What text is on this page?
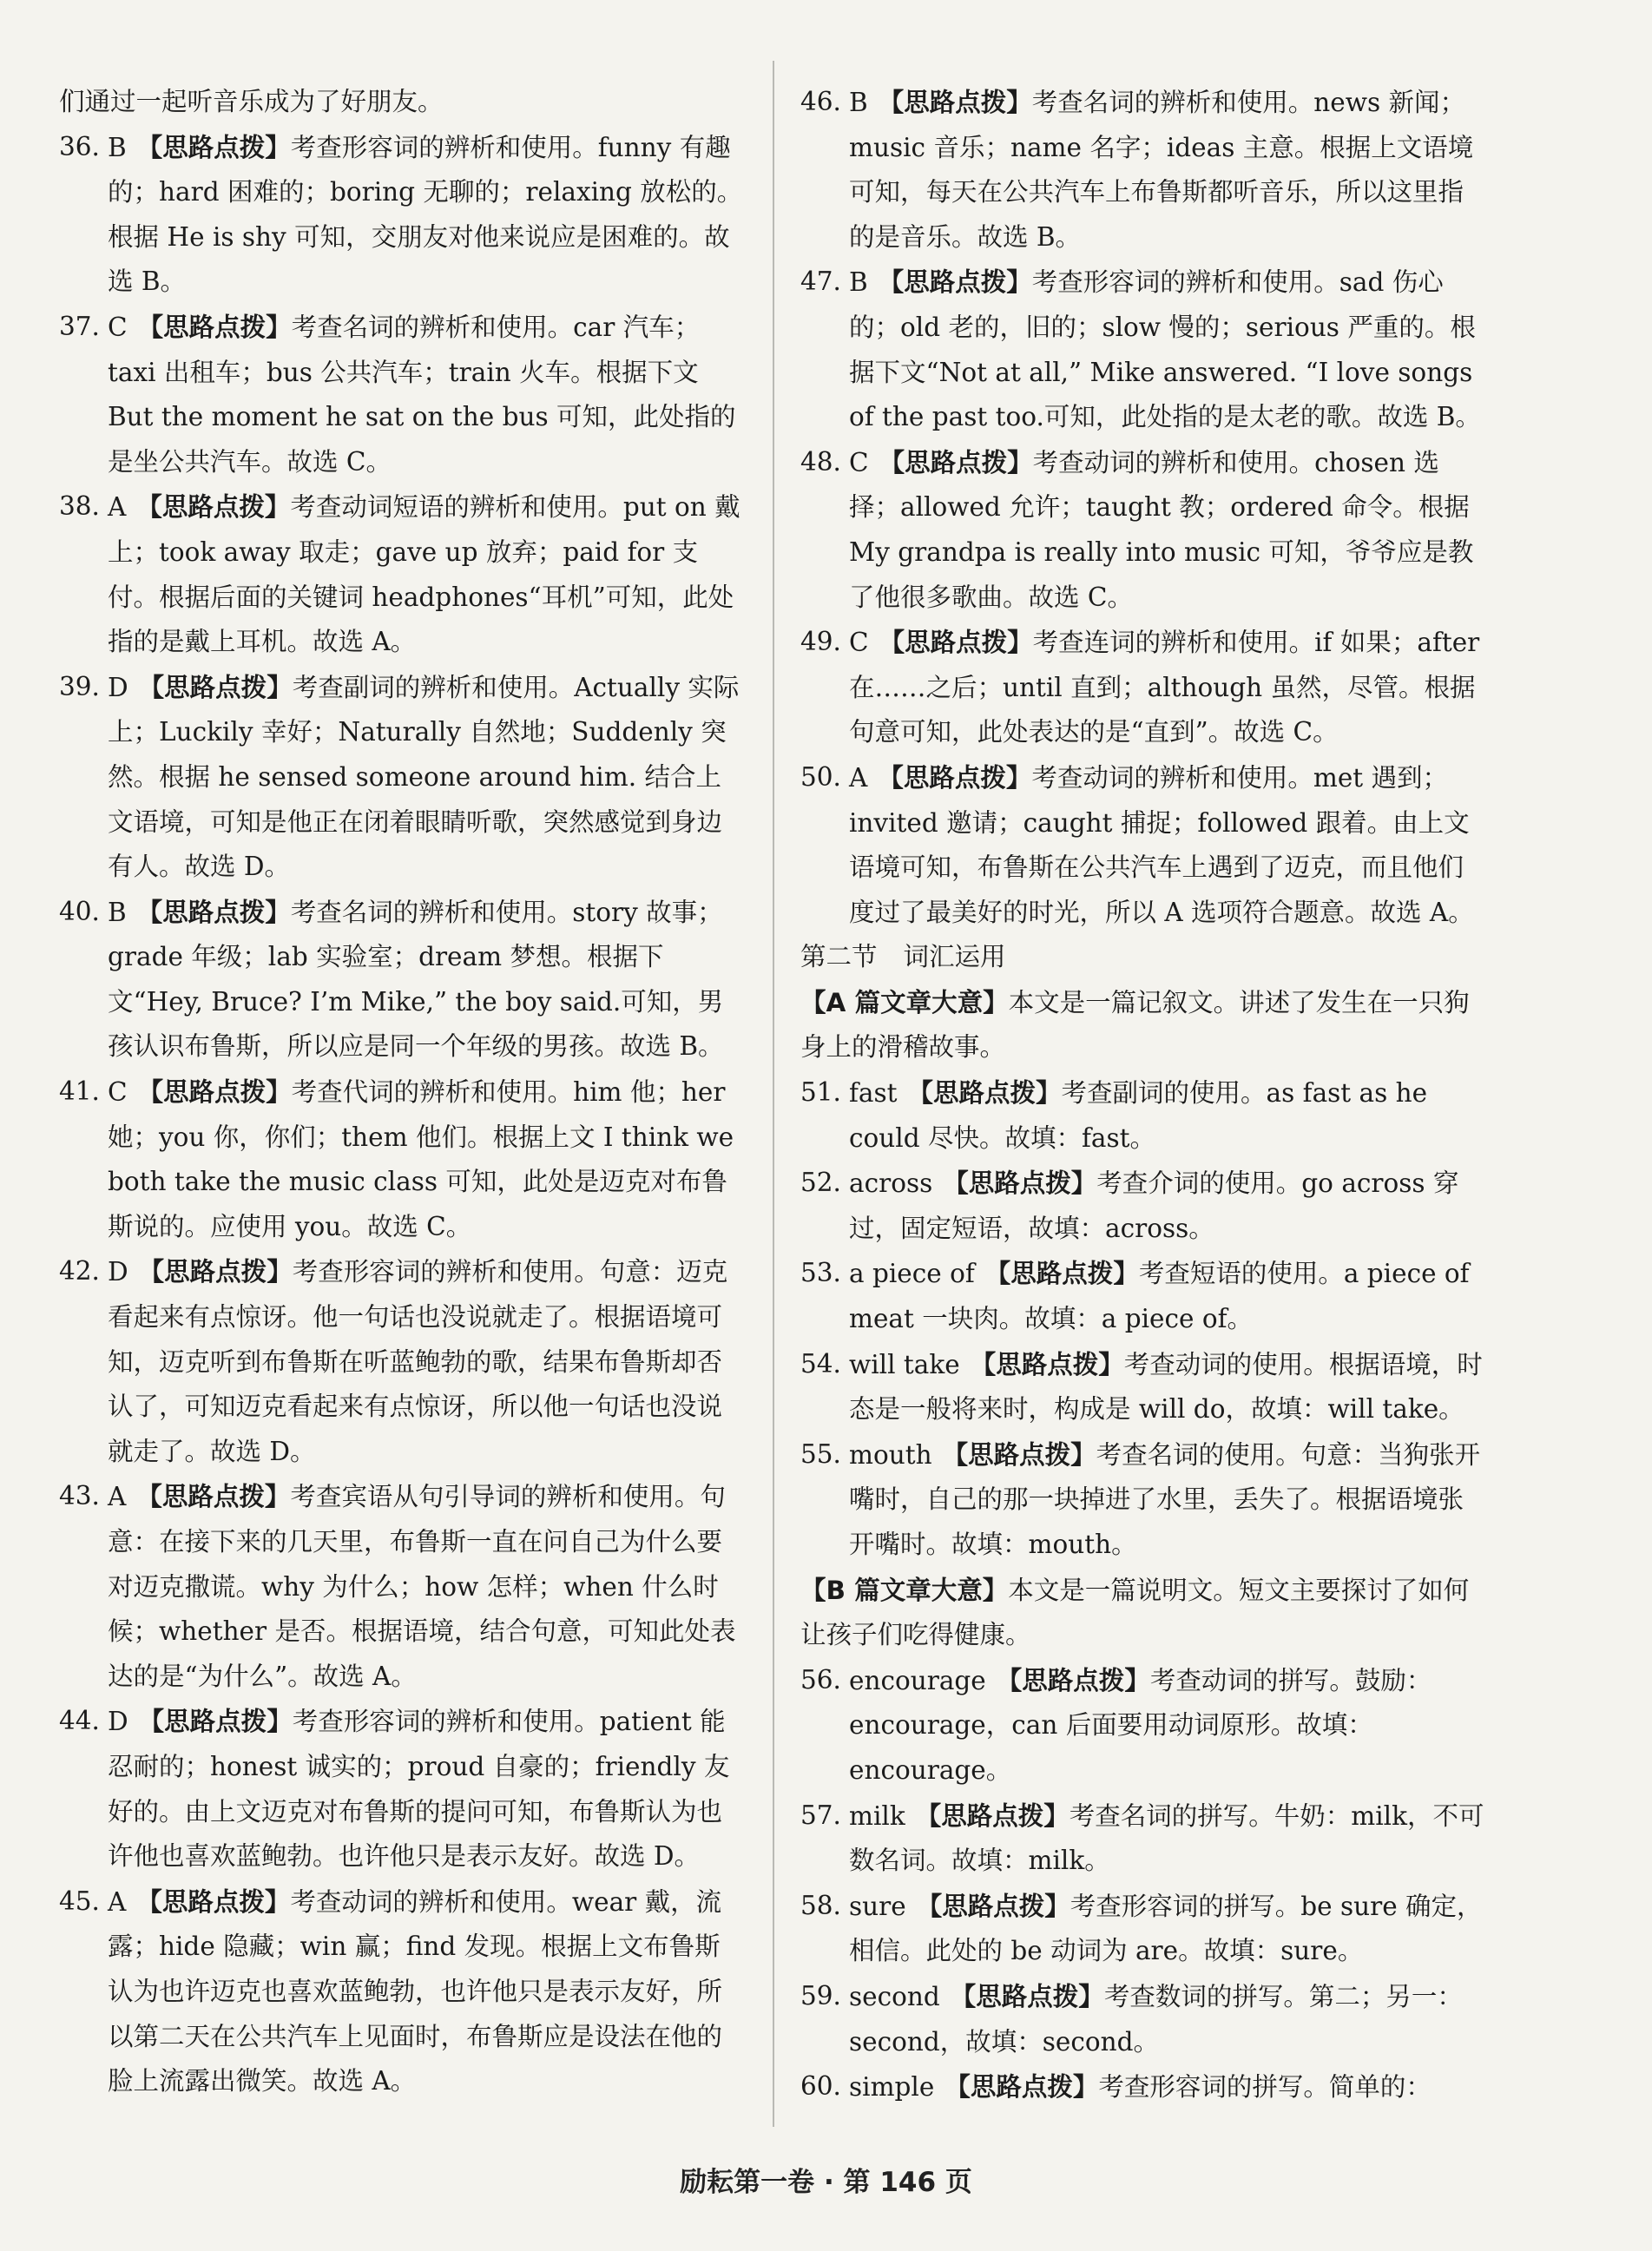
们通过一起听音乐成为了好朋友。
36. B 【思路点拨】考查形容词的辨析和使用。funny 有趣的；hard 困难的；boring 无聊的；relaxing 放松的。根据 He is shy 可知，交朋友对他来说应是困难的。故选 B。
37. C 【思路点拨】考查名词的辨析和使用。car 汽车；taxi 出租车；bus 公共汽车；train 火车。根据下文 But the moment he sat on the bus 可知，此处指的是坐公共汽车。故选 C。
38. A 【思路点拨】考查动词短语的辨析和使用。put on 戴上；took away 取走；gave up 放弃；paid for 支付。根据后面的关键词 headphones“耳机”可知，此处指的是戴上耳机。故选 A。
39. D 【思路点拨】考查副词的辨析和使用。Actually 实际上；Luckily 幸好；Naturally 自然地；Suddenly 突然。根据 he sensed someone around him. 结合上文语境，可知是他正在闭着眼睛听歌，突然感觉到身边有人。故选 D。
40. B 【思路点拨】考查名词的辨析和使用。story 故事；grade 年级；lab 实验室；dream 梦想。根据下文“Hey, Bruce? I’m Mike,” the boy said.可知，男孩认识布鲁斯，所以应是同一个年级的男孩。故选 B。
41. C 【思路点拨】考查代词的辨析和使用。him 他；her 她；you 你，你们；them 他们。根据上文 I think we both take the music class 可知，此处是迈克对布鲁斯说的。应使用 you。故选 C。
42. D 【思路点拨】考查形容词的辨析和使用。句意：迈克看起来有点惊讶。他一句话也没说就走了。根据语境可知，迈克听到布鲁斯在听蓝鲍勃的歌，结果布鲁斯却否认了，可知迈克看起来有点惊讶，所以他一句话也没说就走了。故选 D。
43. A 【思路点拨】考查宾语从句引导词的辨析和使用。句意：在接下来的几天里，布鲁斯一直在问自己为什么要对迈克撒谎。why 为什么；how 怎样；when 什么时候；whether 是否。根据语境，结合句意，可知此处表达的是“为什么”。故选 A。
44. D 【思路点拨】考查形容词的辨析和使用。patient 能忍耐的；honest 诚实的；proud 自豪的；friendly 友好的。由上文迈克对布鲁斯的提问可知，布鲁斯认为也许他也喜欢蓝鲍勃。也许他只是表示友好。故选 D。
45. A 【思路点拨】考查动词的辨析和使用。wear 戴，流露；hide 隐藏；win 赢；find 发现。根据上文布鲁斯认为也许迈克也喜欢蓝鲍勃，也许他只是表示友好，所以第二天在公共汽车上见面时，布鲁斯应是设法在他的脸上流露出微笑。故选 A。
46. B 【思路点拨】考查名词的辨析和使用。news 新闻；music 音乐；name 名字；ideas 主意。根据上文语境可知，每天在公共汽车上布鲁斯都听音乐，所以这里指的是音乐。故选 B。
47. B 【思路点拨】考查形容词的辨析和使用。sad 伤心的；old 老的，旧的；slow 慢的；serious 严重的。根据下文“Not at all,” Mike answered. “I love songs of the past too.可知，此处指的是太老的歌。故选 B。
48. C 【思路点拨】考查动词的辨析和使用。chosen 选择；allowed 允许；taught 教；ordered 命令。根据 My grandpa is really into music 可知，爷爷应是教了他很多歌曲。故选 C。
49. C 【思路点拨】考查连词的辨析和使用。if 如果；after 在……之后；until 直到；although 虽然，尽管。根据句意可知，此处表达的是“直到”。故选 C。
50. A 【思路点拨】考查动词的辨析和使用。met 遇到；invited 邀请；caught 捕捉；followed 跟着。由上文语境可知，布鲁斯在公共汽车上遇到了迈克，而且他们度过了最美好的时光，所以 A 选项符合题意。故选 A。
第二节 词汇运用
【A 篇文章大意】本文是一篇记叙文。讲述了发生在一只狗身上的滑稽故事。
51. fast 【思路点拨】考查副词的使用。as fast as he could 尽快。故填：fast。
52. across 【思路点拨】考查介词的使用。go across 穿过，固定短语，故填：across。
53. a piece of 【思路点拨】考查短语的使用。a piece of meat 一块肉。故填：a piece of。
54. will take 【思路点拨】考查动词的使用。根据语境，时态是一般将来时，构成是 will do，故填：will take。
55. mouth 【思路点拨】考查名词的使用。句意：当狗张开嘴时，自己的那一块掉进了水里，丢失了。根据语境张开嘴时。故填：mouth。
【B 篇文章大意】本文是一篇说明文。短文主要探讨了如何让孩子们吃得健康。
56. encourage 【思路点拨】考查动词的拼写。鼓励：encourage，can 后面要用动词原形。故填：encourage。
57. milk 【思路点拨】考查名词的拼写。牛奶：milk，不可数名词。故填：milk。
58. sure 【思路点拨】考查形容词的拼写。be sure 确定，相信。此处的 be 动词为 are。故填：sure。
59. second 【思路点拨】考查数词的拼写。第二；另一：second，故填：second。
60. simple 【思路点拨】考查形容词的拼写。简单的：
励耘第一卷 · 第 146 页
